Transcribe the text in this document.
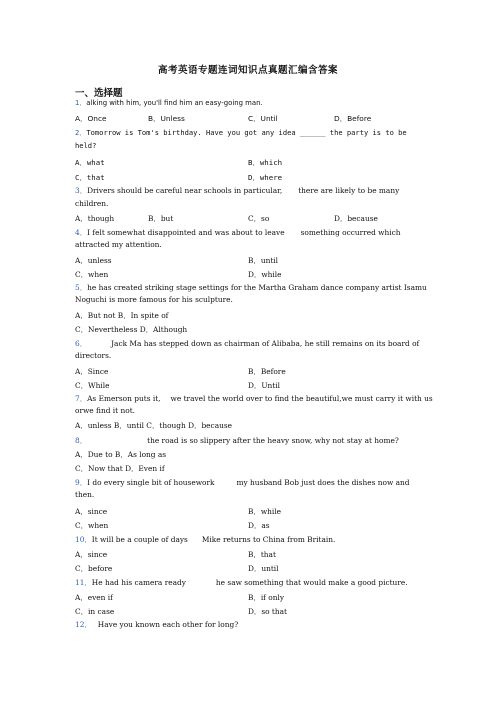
高考英语专题连词知识点真题汇编含答案
一、选择题
1．alking with him, you'll find him an easy-going man.
A．Once	B．Unless	C．Until	D．Before
2．Tomorrow is Tom's birthday. Have you got any idea ______ the party is to be
held?
A．what	B．which
C．that	D．where
3．Drivers should be careful near schools in particular, there are likely to be many
children.
A．though	B．but	C．so	D．because
4．I felt somewhat disappointed and was about to leave something occurred which
attracted my attention.
A．unless	B．until
C．when	D．while
5．he has created striking stage settings for the Martha Graham dance company artist Isamu
Noguchi is more famous for his sculpture.
A．But not B．In spite of
C．Nevertheless D．Although
6．	Jack Ma has stepped down as chairman of Alibaba, he still remains on its board of
directors.
A．Since	B．Before
C．While	D．Until
7．As Emerson puts it, we travel the world over to find the beautiful,we must carry it with us
orwe find it not.
A．unless B．until C．though D．because
8．	the road is so slippery after the heavy snow, why not stay at home?
A．Due to B．As long as
C．Now that D．Even if
9．I do every single bit of housework	my husband Bob just does the dishes now and
then.
A．since	B．while
C．when	D．as
10．It will be a couple of days Mike returns to China from Britain.
A．since	B．that
C．before	D．until
11．He had his camera ready	he saw something that would make a good picture.
A．even if	B．if only
C．in case	D．so that
12． Have you known each other for long?
